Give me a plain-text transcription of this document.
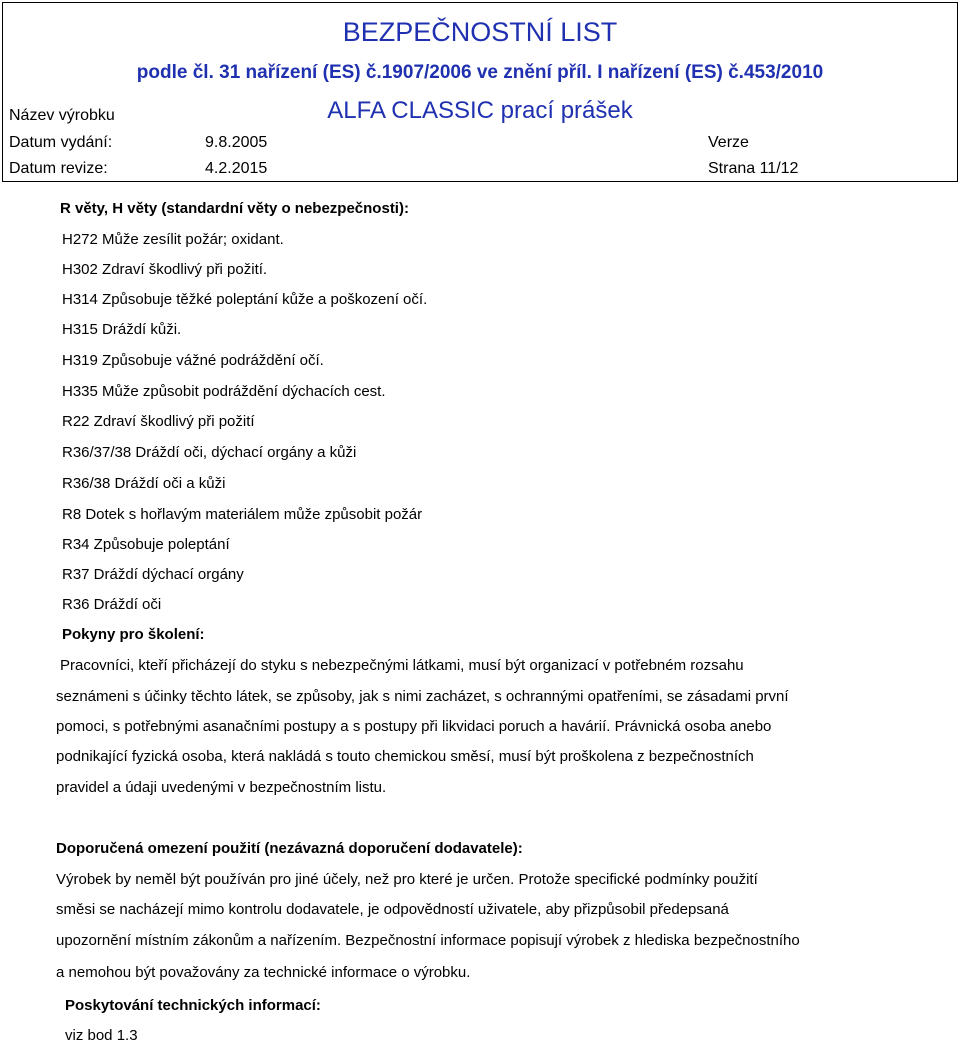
BEZPEČNOSTNÍ LIST
podle čl. 31 nařízení (ES) č.1907/2006 ve znění příl. I nařízení (ES) č.453/2010
Název výrobku	ALFA CLASSIC prací prášek
Datum vydání:	9.8.2005	Verze
Datum revize:	4.2.2015	Strana 11/12
R věty, H věty (standardní věty o nebezpečnosti):
H272 Může zesílit požár; oxidant.
H302 Zdraví škodlivý při požití.
H314 Způsobuje těžké poleptání kůže a poškození očí.
H315 Dráždí kůži.
H319 Způsobuje vážné podráždění očí.
H335 Může způsobit podráždění dýchacích cest.
R22 Zdraví škodlivý při požití
R36/37/38 Dráždí oči, dýchací orgány a kůži
R36/38 Dráždí oči a kůži
R8 Dotek s hořlavým materiálem může způsobit požár
R34 Způsobuje poleptání
R37 Dráždí dýchací orgány
R36 Dráždí oči
Pokyny pro školení:
Pracovníci, kteří přicházejí do styku s nebezpečnými látkami, musí být organizací v potřebném rozsahu
seznámeni s účinky těchto látek, se způsoby, jak s nimi zacházet, s ochrannými opatřeními, se zásadami první
pomoci, s potřebnými asanačními postupy a s postupy při likvidaci poruch a havárií. Právnická osoba anebo
podnikající fyzická osoba, která nakládá s touto chemickou směsí, musí být proškolena z bezpečnostních
pravidel a údaji uvedenými v bezpečnostním listu.
Doporučená omezení použití (nezávazná doporučení dodavatele):
Výrobek by neměl být používán pro jiné účely, než pro které je určen. Protože specifické podmínky použití
směsi se nacházejí mimo kontrolu dodavatele, je odpovědností uživatele, aby přizpůsobil předepsaná
upozornění místním zákonům a nařízením. Bezpečnostní informace popisují výrobek z hlediska bezpečnostního
a nemohou být považovány za technické informace o výrobku.
Poskytování technických informací:
viz bod 1.3
